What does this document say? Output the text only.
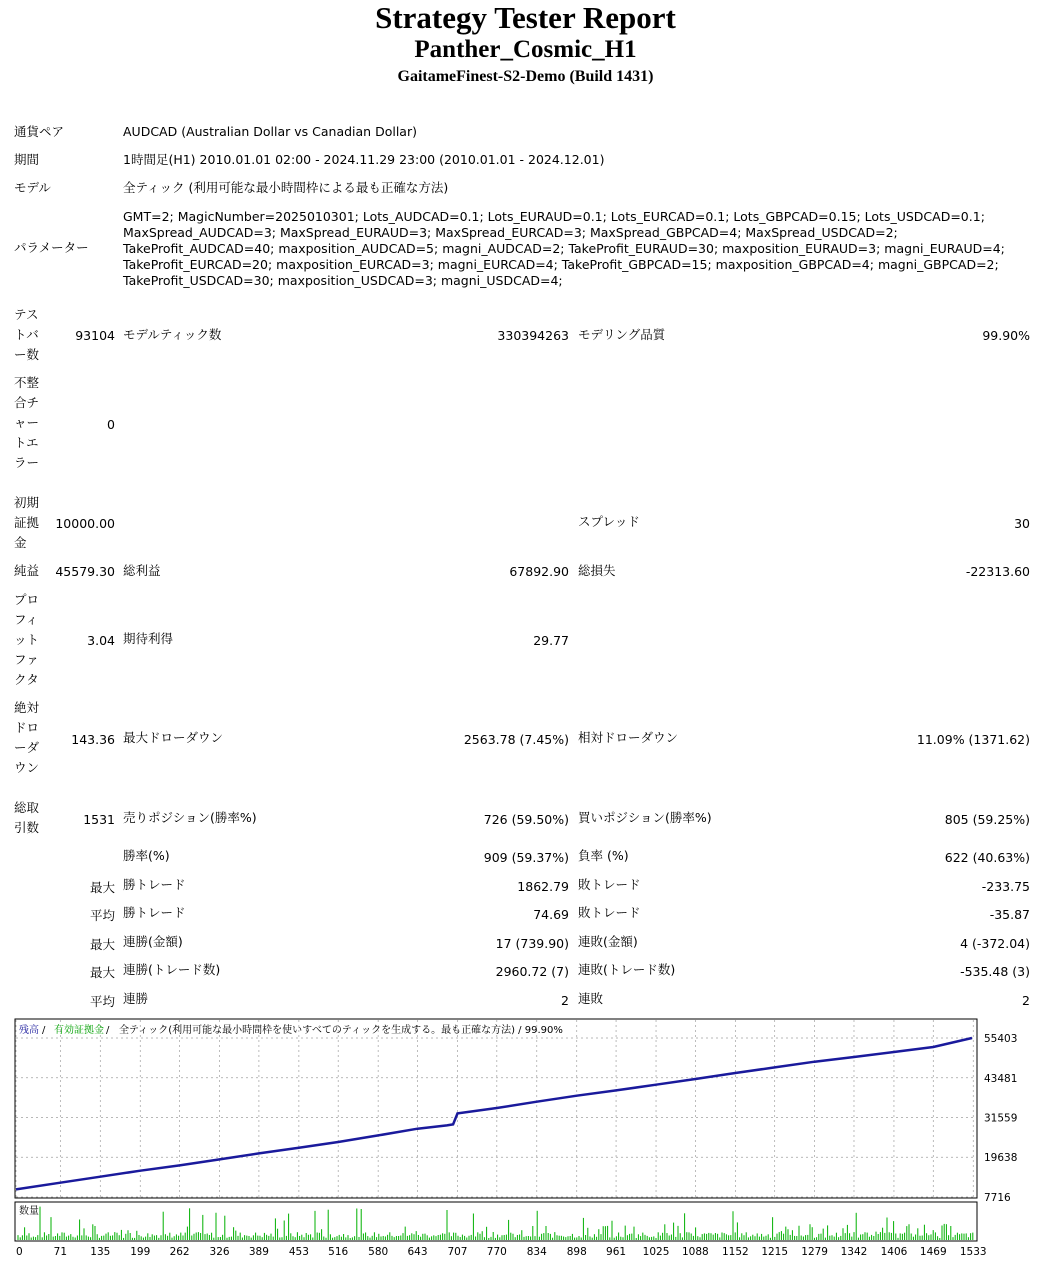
Strategy Tester Report
Panther_Cosmic_H1
GaitameFinest-S2-Demo (Build 1431)
通貨ペア	AUDCAD (Australian Dollar vs Canadian Dollar)
期間	1時間足(H1) 2010.01.01 02:00 - 2024.11.29 23:00 (2010.01.01 - 2024.12.01)
モデル	全ティック (利用可能な最小時間枠による最も正確な方法)
パラメーター
GMT=2; MagicNumber=2025010301; Lots_AUDCAD=0.1; Lots_EURAUD=0.1; Lots_EURCAD=0.1; Lots_GBPCAD=0.15; Lots_USDCAD=0.1; MaxSpread_AUDCAD=3; MaxSpread_EURAUD=3; MaxSpread_EURCAD=3; MaxSpread_GBPCAD=4; MaxSpread_USDCAD=2; TakeProfit_AUDCAD=40; maxposition_AUDCAD=5; magni_AUDCAD=2; TakeProfit_EURAUD=30; maxposition_EURAUD=3; magni_EURAUD=4; TakeProfit_EURCAD=20; maxposition_EURCAD=3; magni_EURCAD=4; TakeProfit_GBPCAD=15; maxposition_GBPCAD=4; magni_GBPCAD=2; TakeProfit_USDCAD=30; maxposition_USDCAD=3; magni_USDCAD=4;
テストバー数
93104 モデルティック数	330394263 モデリング品質	99.90%
不整合チャートエラー
0
初期証拠金
10000.00	スプレッド	30
純益	45579.30 総利益	67892.90 総損失	-22313.60
プロフィットファクタ
3.04 期待利得	29.77
絶対ドローダウン
143.36 最大ドローダウン	2563.78 (7.45%) 相対ドローダウン	11.09% (1371.62)
総取引数
1531 売りポジション(勝率%)	726 (59.50%) 買いポジション(勝率%)	805 (59.25%)
勝率(%)	909 (59.37%) 負率 (%)	622 (40.63%)
最大 勝トレード	1862.79 敗トレード	-233.75
平均 勝トレード	74.69 敗トレード	-35.87
最大 連勝(金額)	17 (739.90) 連敗(金額)	4 (-372.04)
最大 連勝(トレード数)	2960.72 (7) 連敗(トレード数)	-535.48 (3)
平均 連勝	2 連敗	2
残高 / 有効証拠金 / 全ティック(利用可能な最小時間枠を使いすべてのティックを生成する。最も正確な方法) / 99.90%
数量
55403
43481
31559
19638
7716
0	71 135 199 262 326 389 453 516 580 643 707 770 834 898 961 1025 1088 1152 1215 1279 1342 1406 1469 1533
